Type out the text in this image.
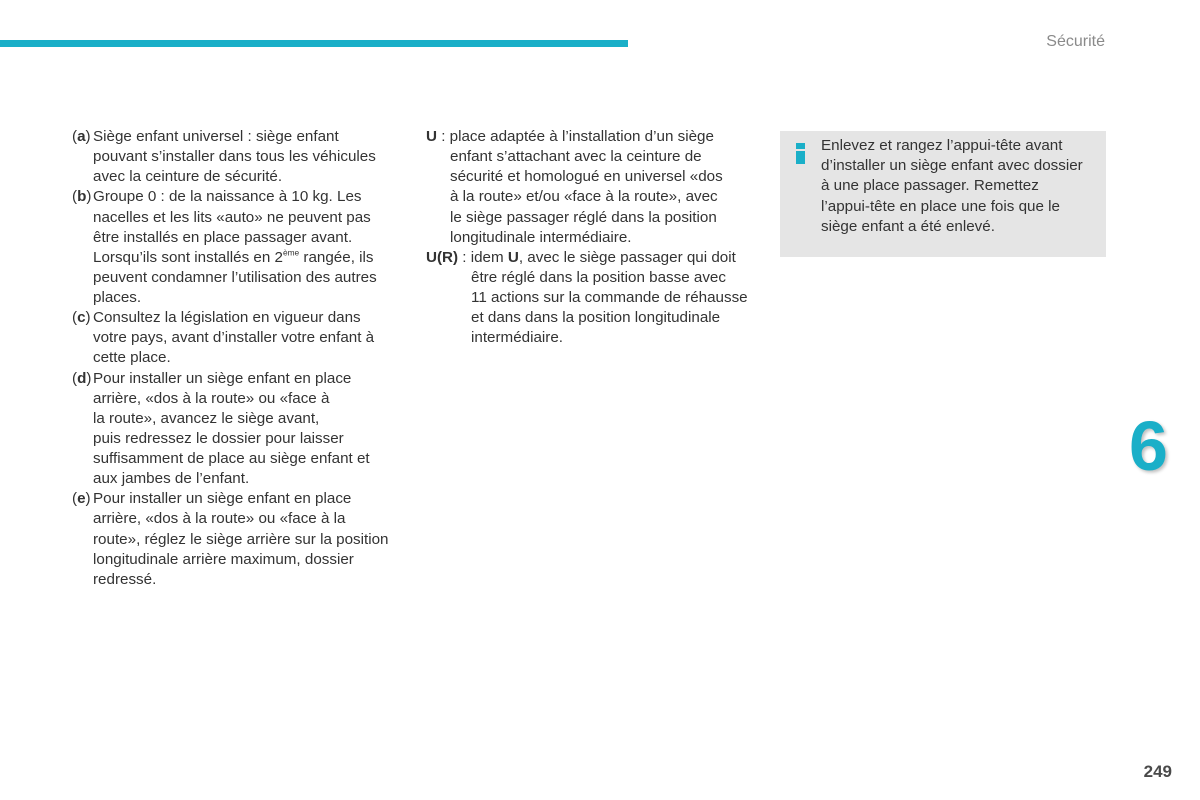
Sécurité
(a) Siège enfant universel : siège enfant
pouvant s’installer dans tous les véhicules
avec la ceinture de sécurité.
(b) Groupe 0 : de la naissance à 10 kg. Les
nacelles et les lits «auto» ne peuvent pas
être installés en place passager avant.
Lorsqu’ils sont installés en 2ème rangée, ils
peuvent condamner l’utilisation des autres
places.
(c) Consultez la législation en vigueur dans
votre pays, avant d’installer votre enfant à
cette place.
(d) Pour installer un siège enfant en place
arrière, «dos à la route» ou «face à
la route», avancez le siège avant,
puis redressez le dossier pour laisser
suffisamment de place au siège enfant et
aux jambes de l’enfant.
(e) Pour installer un siège enfant en place
arrière, «dos à la route» ou «face à la
route», réglez le siège arrière sur la position
longitudinale arrière maximum, dossier
redressé.
U : place adaptée à l’installation d’un siège
enfant s’attachant avec la ceinture de
sécurité et homologué en universel «dos
à la route» et/ou «face à la route», avec
le siège passager réglé dans la position
longitudinale intermédiaire.
U(R) : idem U, avec le siège passager qui doit
être réglé dans la position basse avec
11 actions sur la commande de réhausse
et dans dans la position longitudinale
intermédiaire.
Enlevez et rangez l’appui-tête avant
d’installer un siège enfant avec dossier
à une place passager. Remettez
l’appui-tête en place une fois que le
siège enfant a été enlevé.
6
249
